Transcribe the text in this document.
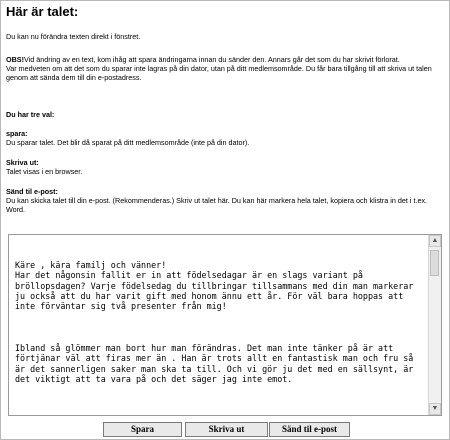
Här är talet:

Du kan nu förändra texten direkt i fönstret.

OBS!Vid ändring av en text, kom ihåg att spara ändringarna innan du sänder den. Annars går det som du har skrivit förlorat.

Var medveten om att det som du sparar inte lagras på din dator, utan på ditt medlemsområde. Du får bara tillgång till att skriva ut talen genom att sända dem till din e-postadress.

Du har tre val:

spara:

Du sparar talet. Det blir då sparat på ditt medlemsområde (inte på din dator).

Skriva ut:

Talet visas i en browser.

Sänd til e-post:

Du kan skicka talet till din e-post. (Rekommenderas.) Skriv ut talet här. Du kan här markera hela talet, kopiera och klistra in det i t.ex. Word.

Käre , kära familj och vänner!
Har det någonsin fallit er in att födelsedagar är en slags variant på bröllopsdagen? Varje födelsedag du tillbringar tillsammans med din man markerar ju också att du har varit gift med honom ännu ett år. För väl bara hoppas att  inte förväntar sig två presenter från mig!

Ibland så glömmer man bort hur man förändras. Det man inte tänker på är att förtjänar väl att firas mer än . Han är trots allt en fantastisk man och fru så är det sannerligen saker man ska ta till. Och vi gör ju det med en sällsynt, är det viktigt att ta vara på och det säger jag inte emot.

▲
▼
Spara	Skriva ut	Sänd til e-post
